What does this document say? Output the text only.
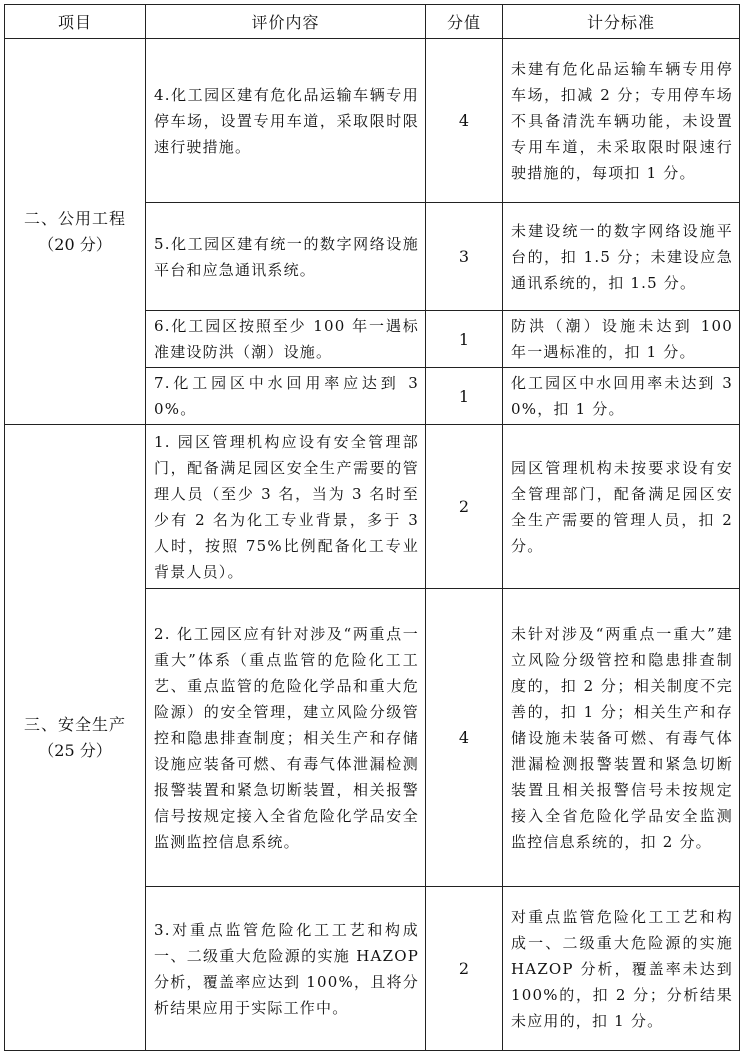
项目	评价内容	分值	计分标准

二、公用工程
（20 分）	4.化工园区建有危化品运输车辆专用停车场，设置专用车道，采取限时限速行驶措施。	4	未建有危化品运输车辆专用停车场，扣减 2 分；专用停车场不具备清洗车辆功能，未设置专用车道，未采取限时限速行驶措施的，每项扣 1 分。

	5.化工园区建有统一的数字网络设施平台和应急通讯系统。	3	未建设统一的数字网络设施平台的，扣 1.5 分；未建设应急通讯系统的，扣 1.5 分。

	6.化工园区按照至少 100 年一遇标准建设防洪（潮）设施。	1	防洪（潮）设施未达到 100 年一遇标准的，扣 1 分。

	7.化工园区中水回用率应达到 30%。	1	化工园区中水回用率未达到 30%，扣 1 分。

三、安全生产
（25 分）	1. 园区管理机构应设有安全管理部门，配备满足园区安全生产需要的管理人员（至少 3 名，当为 3 名时至少有 2 名为化工专业背景，多于 3 人时，按照 75%比例配备化工专业背景人员）。	2	园区管理机构未按要求设有安全管理部门，配备满足园区安全生产需要的管理人员，扣 2 分。

	2. 化工园区应有针对涉及“两重点一重大”体系（重点监管的危险化工工艺、重点监管的危险化学品和重大危险源）的安全管理，建立风险分级管控和隐患排查制度；相关生产和存储设施应装备可燃、有毒气体泄漏检测报警装置和紧急切断装置，相关报警信号按规定接入全省危险化学品安全监测监控信息系统。	4	未针对涉及“两重点一重大”建立风险分级管控和隐患排查制度的，扣 2 分；相关制度不完善的，扣 1 分；相关生产和存储设施未装备可燃、有毒气体泄漏检测报警装置和紧急切断装置且相关报警信号未按规定接入全省危险化学品安全监测监控信息系统的，扣 2 分。

	3.对重点监管危险化工工艺和构成一、二级重大危险源的实施 HAZOP 分析，覆盖率应达到 100%，且将分析结果应用于实际工作中。	2	对重点监管危险化工工艺和构成一、二级重大危险源的实施 HAZOP 分析，覆盖率未达到 100%的，扣 2 分；分析结果未应用的，扣 1 分。
